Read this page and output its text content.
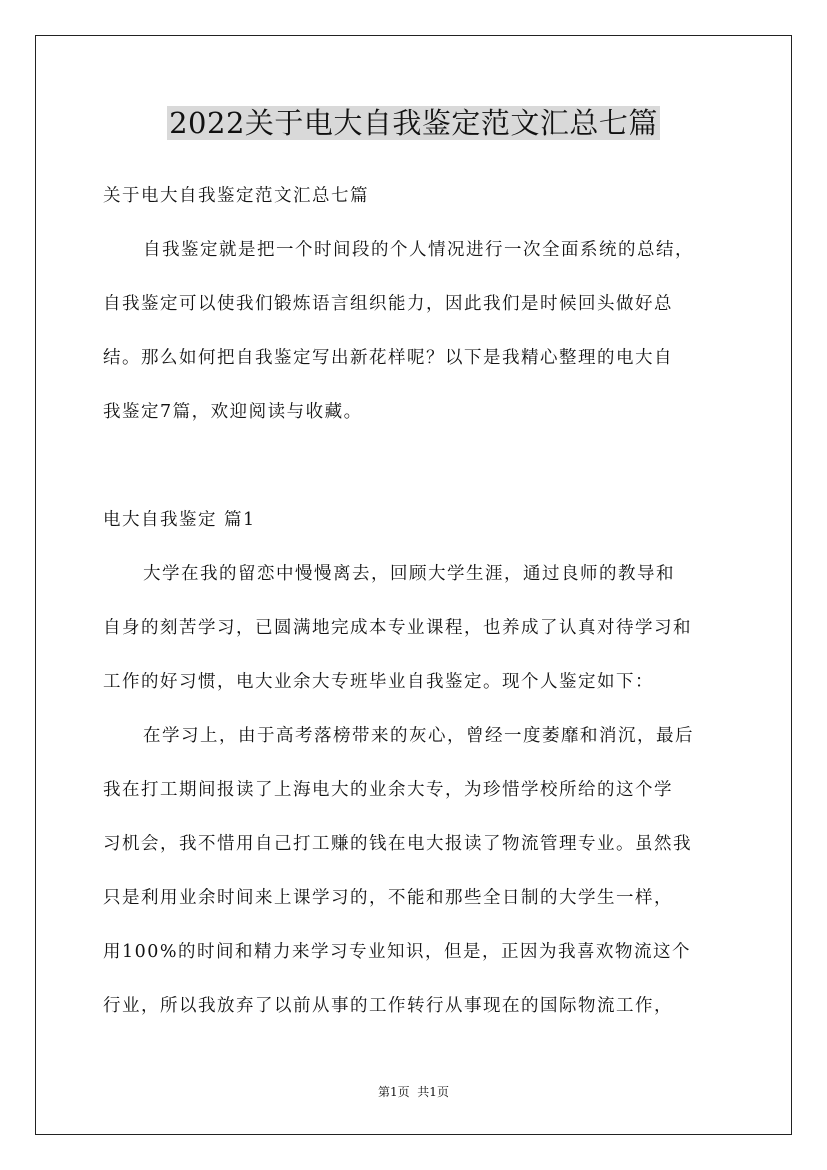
2022关于电大自我鉴定范文汇总七篇
关于电大自我鉴定范文汇总七篇
自我鉴定就是把一个时间段的个人情况进行一次全面系统的总结，
自我鉴定可以使我们锻炼语言组织能力，因此我们是时候回头做好总
结。那么如何把自我鉴定写出新花样呢？以下是我精心整理的电大自
我鉴定7篇，欢迎阅读与收藏。
电大自我鉴定 篇1
大学在我的留恋中慢慢离去，回顾大学生涯，通过良师的教导和
自身的刻苦学习，已圆满地完成本专业课程，也养成了认真对待学习和
工作的好习惯，电大业余大专班毕业自我鉴定。现个人鉴定如下：
在学习上，由于高考落榜带来的灰心，曾经一度萎靡和消沉，最后
我在打工期间报读了上海电大的业余大专，为珍惜学校所给的这个学
习机会，我不惜用自己打工赚的钱在电大报读了物流管理专业。虽然我
只是利用业余时间来上课学习的，不能和那些全日制的大学生一样，
用100%的时间和精力来学习专业知识，但是，正因为我喜欢物流这个
行业，所以我放弃了以前从事的工作转行从事现在的国际物流工作，
第1页  共1页
